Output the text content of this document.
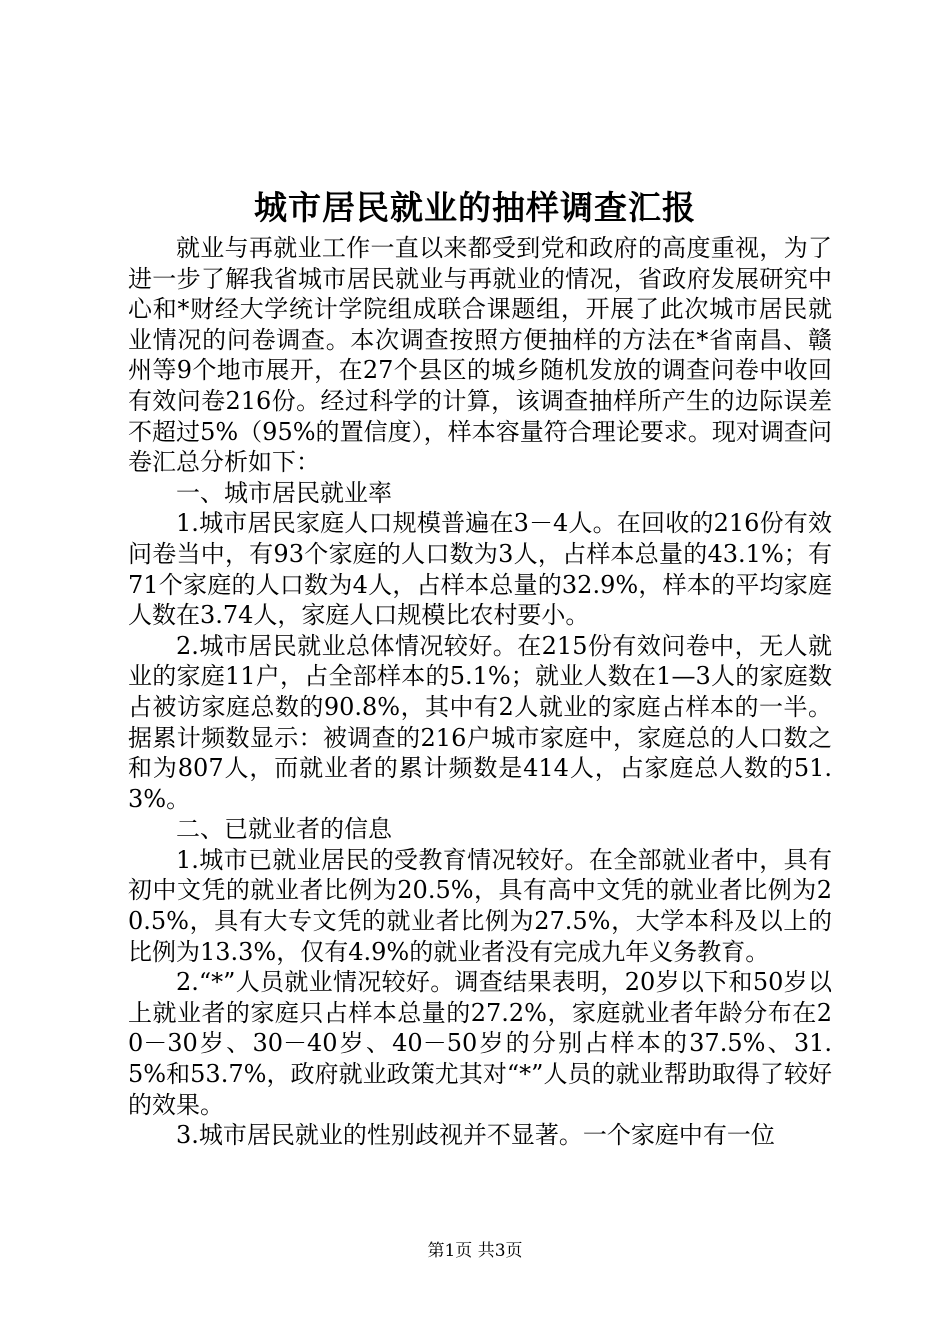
城市居民就业的抽样调查汇报

就业与再就业工作一直以来都受到党和政府的高度重视，为了进一步了解我省城市居民就业与再就业的情况，省政府发展研究中心和*财经大学统计学院组成联合课题组，开展了此次城市居民就业情况的问卷调查。本次调查按照方便抽样的方法在*省南昌、赣州等9个地市展开，在27个县区的城乡随机发放的调查问卷中收回有效问卷216份。经过科学的计算，该调查抽样所产生的边际误差不超过5%（95%的置信度），样本容量符合理论要求。现对调查问卷汇总分析如下：

一、城市居民就业率

1.城市居民家庭人口规模普遍在3－4人。在回收的216份有效问卷当中，有93个家庭的人口数为3人，占样本总量的43.1%；有71个家庭的人口数为4人，占样本总量的32.9%，样本的平均家庭人数在3.74人，家庭人口规模比农村要小。

2.城市居民就业总体情况较好。在215份有效问卷中，无人就业的家庭11户，占全部样本的5.1%；就业人数在1—3人的家庭数占被访家庭总数的90.8%，其中有2人就业的家庭占样本的一半。据累计频数显示：被调查的216户城市家庭中，家庭总的人口数之和为807人，而就业者的累计频数是414人，占家庭总人数的51.3%。

二、已就业者的信息

1.城市已就业居民的受教育情况较好。在全部就业者中，具有初中文凭的就业者比例为20.5%，具有高中文凭的就业者比例为20.5%，具有大专文凭的就业者比例为27.5%，大学本科及以上的比例为13.3%，仅有4.9%的就业者没有完成九年义务教育。

2.“*”人员就业情况较好。调查结果表明，20岁以下和50岁以上就业者的家庭只占样本总量的27.2%，家庭就业者年龄分布在20－30岁、30－40岁、40－50岁的分别占样本的37.5%、31.5%和53.7%，政府就业政策尤其对“*”人员的就业帮助取得了较好的效果。

3.城市居民就业的性别歧视并不显著。一个家庭中有一位

第1页 共3页
